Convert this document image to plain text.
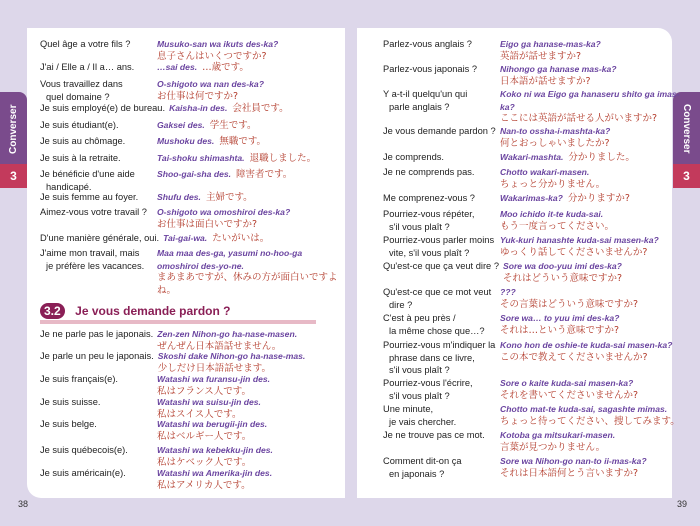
Converser
3
Converser
3
3.2 Je vous demande pardon ?
Quel âge a votre fils ?	Musuko-san wa ikuts des-ka?
息子さんはいくつですか?
J'ai / Elle a / Il a… ans.	…sai des. …歳です。
Vous travaillez dans
quel domaine ?
O-shigoto wa nan des-ka?
お仕事は何ですか?
Je suis employé(e) de bureau. Kaisha-in des. 会社員です。
Je suis étudiant(e).	Gaksei des. 学生です。
Je suis au chômage.	Mushoku des. 無職です。
Je suis à la retraite.	Tai-shoku shimashta. 退職しました。
Je bénéficie d'une aide
handicapé.
Shoo-gai-sha des. 障害者です。
Je suis femme au foyer.	Shufu des. 主婦です。
Aimez-vous votre travail ?	O-shigoto wa omoshiroi des-ka?
お仕事は面白いですか?
D'une manière générale, oui. Tai-gai-wa. たいがいは。
J'aime mon travail, mais
je préfère les vacances.
Maa maa des-ga, yasumi no-hoo-ga omoshiroi des-yo-ne.
まあまあですが、休みの方が面白いですよね。
Je ne parle pas le japonais. Zen-zen Nihon-go ha-nase-masen.
ぜんぜん日本語話せません。
Je parle un peu le japonais. Skoshi dake Nihon-go ha-nase-mas.
少しだけ日本語話せます。
Je suis français(e).	Watashi wa furansu-jin des.
私はフランス人です。
Je suis suisse.	Watashi wa suisu-jin des.
私はスイス人です。
Je suis belge.	Watashi wa berugii-jin des.
私はベルギー人です。
Je suis québecois(e).	Watashi wa kebekku-jin des.
私はケベック人です。
Je suis américain(e).	Watashi wa Amerika-jin des.
私はアメリカ人です。
Parlez-vous anglais ?	Eigo ga hanase-mas-ka?
英語が話せますか?
Parlez-vous japonais ?	Nihongo ga hanase mas-ka?
日本語が話せますか?
Y a-t-il quelqu'un qui
parle anglais ?
Koko ni wa Eigo ga hanaseru shito ga imas-ka?
ここには英語が話せる人がいますか?
Je vous demande pardon ? Nan-to ossha-i-mashta-ka?
何とおっしゃいましたか?
Je comprends.	Wakari-mashta. 分かりました。
Je ne comprends pas.	Chotto wakari-masen.
ちょっと分かりません。
Me comprenez-vous ?	Wakarimas-ka? 分かりますか?
Pourriez-vous répéter,
s'il vous plaît ?
Moo ichido it-te kuda-sai.
もう一度言ってください。
Pourriez-vous parler moins
vite, s'il vous plaît ?
Yuk-kuri hanashte kuda-sai masen-ka?
ゆっくり話してくださいませんか?
Qu'est-ce que ça veut dire ? Sore wa doo-yuu imi des-ka?
それはどういう意味ですか?
Qu'est-ce que ce mot veut
dire ?
???
その言葉はどういう意味ですか?
C'est à peu près /
la même chose que…?
Sore wa… to yuu imi des-ka?
それは…という意味ですか?
Pourriez-vous m'indiquer la
phrase dans ce livre,
s'il vous plaît ?
Kono hon de oshie-te kuda-sai masen-ka?
この本で教えてくださいませんか?
Pourriez-vous l'écrire,
s'il vous plaît ?
Sore o kaite kuda-sai masen-ka?
それを書いてくださいませんか?
Une minute,
je vais chercher.
Chotto mat-te kuda-sai, sagashte mimas.
ちょっと待ってください、捜してみます。
Je ne trouve pas ce mot.	Kotoba ga mitsukari-masen.
言葉が見つかりません。
Comment dit-on ça
en japonais ?
Sore wa Nihon-go nan-to ii-mas-ka?
それは日本語何とう言いますか?
38	39
